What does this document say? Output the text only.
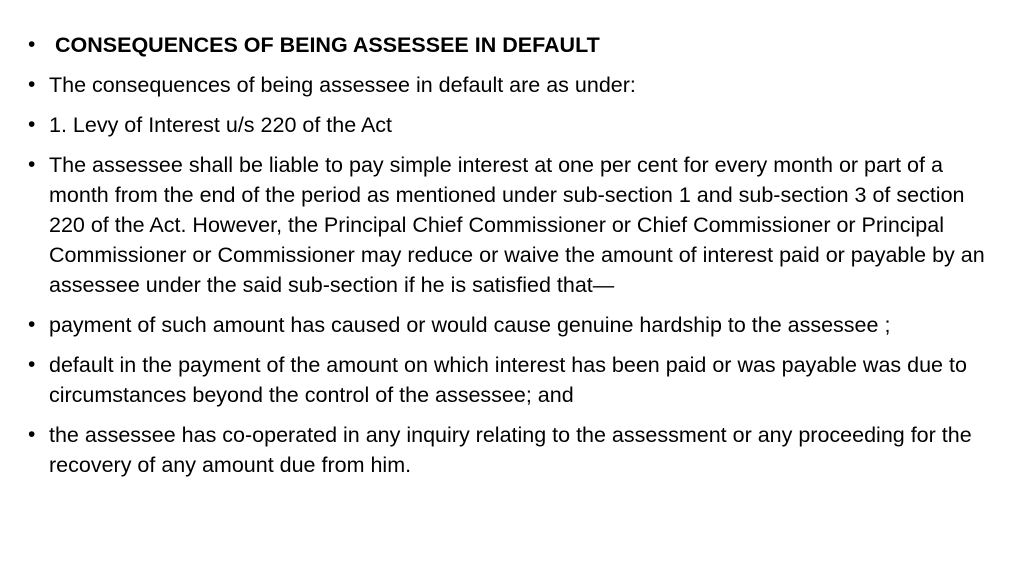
• CONSEQUENCES OF BEING ASSESSEE IN DEFAULT
• The consequences of being assessee in default are as under:
• 1. Levy of Interest u/s 220 of the Act
• The assessee shall be liable to pay simple interest at one per cent for every month or part of a month from the end of the period as mentioned under sub-section 1 and sub-section 3 of section 220 of the Act. However, the Principal Chief Commissioner or Chief Commissioner or Principal Commissioner or Commissioner may reduce or waive the amount of interest paid or payable by an assessee under the said sub-section if he is satisfied that—
• payment of such amount has caused or would cause genuine hardship to the assessee ;
• default in the payment of the amount on which interest has been paid or was payable was due to circumstances beyond the control of the assessee; and
• the assessee has co-operated in any inquiry relating to the assessment or any proceeding for the recovery of any amount due from him.
